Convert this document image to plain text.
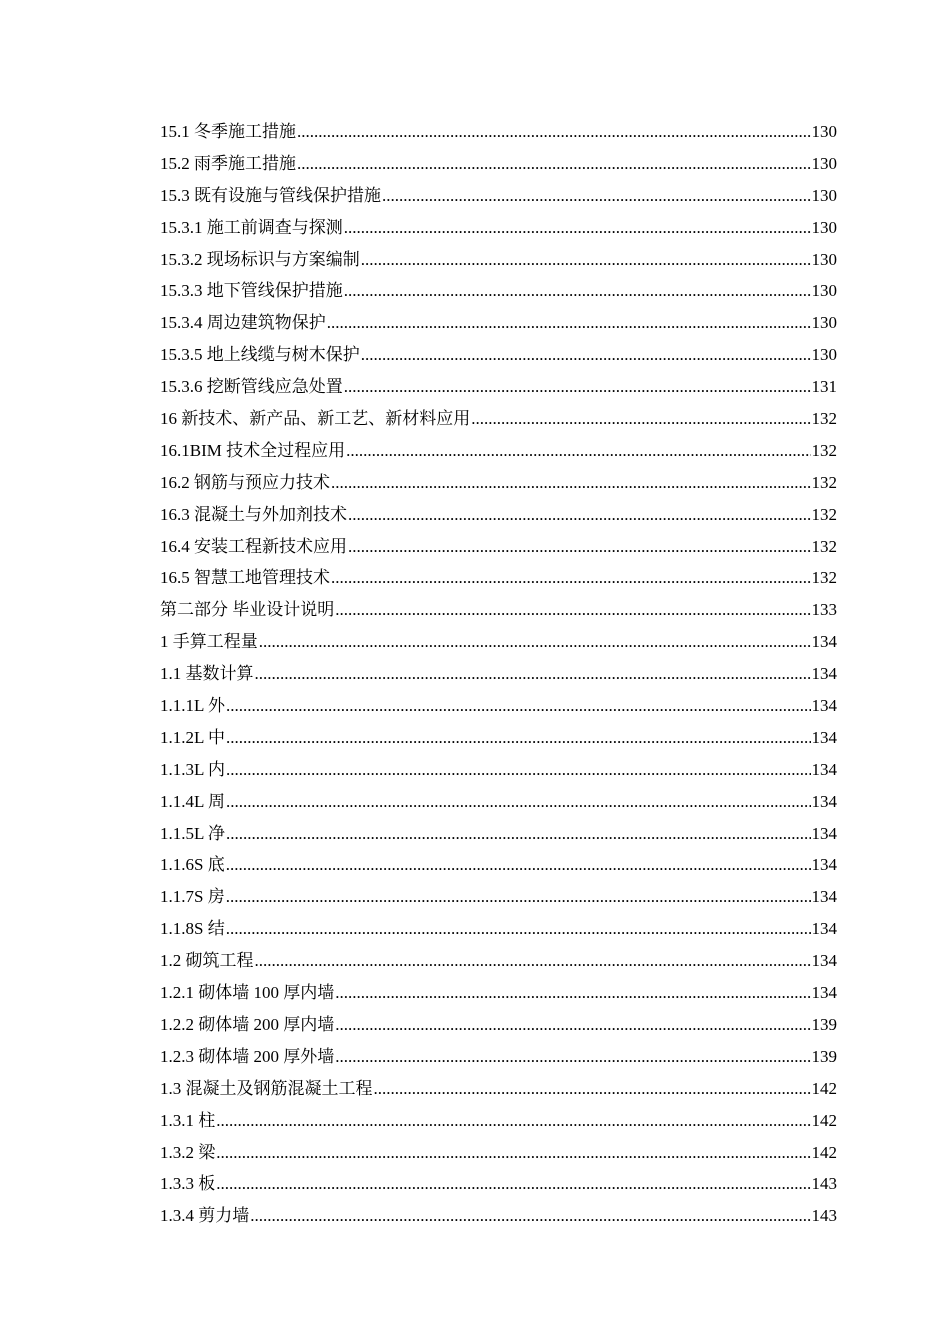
15.1 冬季施工措施 .....	130
15.2 雨季施工措施 .....	130
15.3 既有设施与管线保护措施 .....	130
15.3.1 施工前调查与探测 .....	130
15.3.2 现场标识与方案编制 .....	130
15.3.3 地下管线保护措施 .....	130
15.3.4 周边建筑物保护 .....	130
15.3.5 地上线缆与树木保护 .....	130
15.3.6 挖断管线应急处置 .....	131
16 新技术、新产品、新工艺、新材料应用 .....	132
16.1BIM 技术全过程应用 .....	132
16.2 钢筋与预应力技术 .....	132
16.3 混凝土与外加剂技术 .....	132
16.4 安装工程新技术应用 .....	132
16.5 智慧工地管理技术 .....	132
第二部分 毕业设计说明 .....	133
1 手算工程量 .....	134
1.1 基数计算 .....	134
1.1.1L 外 .....	134
1.1.2L 中 .....	134
1.1.3L 内 .....	134
1.1.4L 周 .....	134
1.1.5L 净 .....	134
1.1.6S 底 .....	134
1.1.7S 房 .....	134
1.1.8S 结 .....	134
1.2 砌筑工程 .....	134
1.2.1 砌体墙 100 厚内墙 .....	134
1.2.2 砌体墙 200 厚内墙 .....	139
1.2.3 砌体墙 200 厚外墙 .....	139
1.3 混凝土及钢筋混凝土工程 .....	142
1.3.1 柱 .....	142
1.3.2 梁 .....	142
1.3.3 板 .....	143
1.3.4 剪力墙 .....	143
